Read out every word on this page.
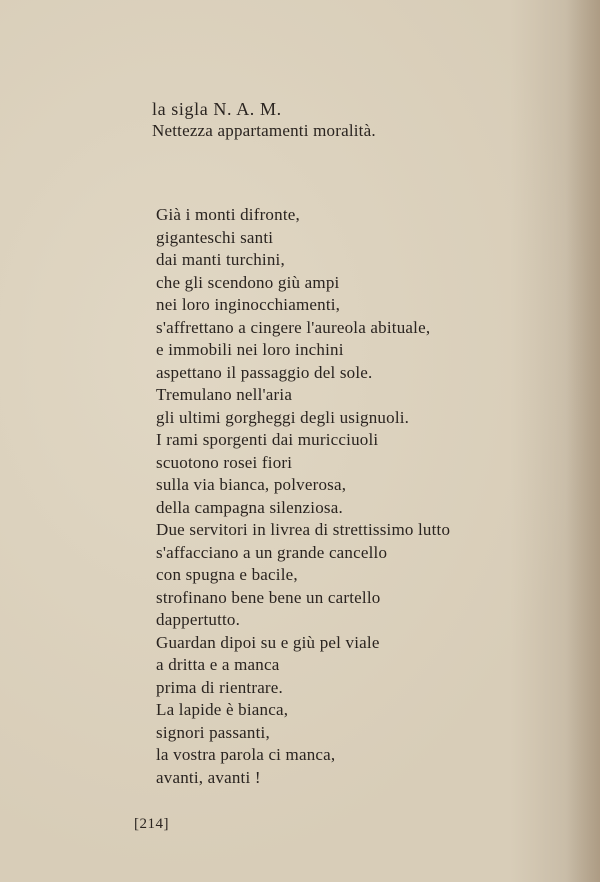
la sigla N. A. M.
Nettezza appartamenti moralità.
Già i monti difronte,
giganteschi santi
dai manti turchini,
che gli scendono giù ampi
nei loro inginocchiamenti,
s'affrettano a cingere l'aureola abituale,
e immobili nei loro inchini
aspettano il passaggio del sole.
Tremulano nell'aria
gli ultimi gorgheggi degli usignuoli.
I rami sporgenti dai muricciuoli
scuotono rosei fiori
sulla via bianca, polverosa,
della campagna silenziosa.
Due servitori in livrea di strettissimo lutto
s'affacciano a un grande cancello
con spugna e bacile,
strofinano bene bene un cartello
dappertutto.
Guardan dipoi su e giù pel viale
a dritta e a manca
prima di rientrare.
La lapide è bianca,
signori passanti,
la vostra parola ci manca,
avanti, avanti !
[214]
